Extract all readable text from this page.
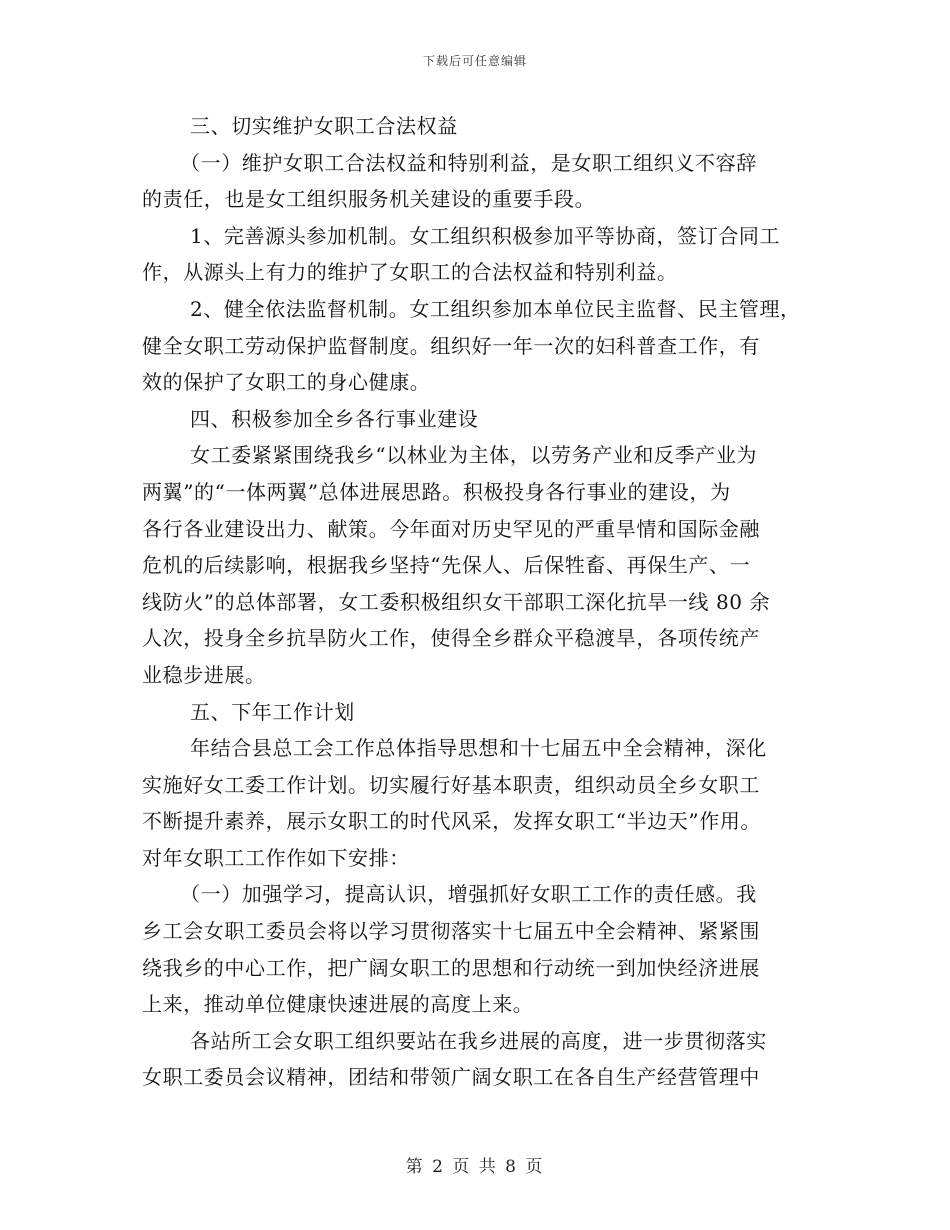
下载后可任意编辑
三、切实维护女职工合法权益
（一）维护女职工合法权益和特别利益，是女职工组织义不容辞
的责任，也是女工组织服务机关建设的重要手段。
1、完善源头参加机制。女工组织积极参加平等协商，签订合同工
作，从源头上有力的维护了女职工的合法权益和特别利益。
2、健全依法监督机制。女工组织参加本单位民主监督、民主管理，
健全女职工劳动保护监督制度。组织好一年一次的妇科普查工作，有
效的保护了女职工的身心健康。
四、积极参加全乡各行事业建设
女工委紧紧围绕我乡“以林业为主体，以劳务产业和反季产业为
两翼”的“一体两翼”总体进展思路。积极投身各行事业的建设，为
各行各业建设出力、献策。今年面对历史罕见的严重旱情和国际金融
危机的后续影响，根据我乡坚持“先保人、后保牲畜、再保生产、一
线防火”的总体部署，女工委积极组织女干部职工深化抗旱一线 80 余
人次，投身全乡抗旱防火工作，使得全乡群众平稳渡旱，各项传统产
业稳步进展。
五、下年工作计划
年结合县总工会工作总体指导思想和十七届五中全会精神，深化
实施好女工委工作计划。切实履行好基本职责，组织动员全乡女职工
不断提升素养，展示女职工的时代风采，发挥女职工“半边天”作用。
对年女职工工作作如下安排：
（一）加强学习，提高认识，增强抓好女职工工作的责任感。我
乡工会女职工委员会将以学习贯彻落实十七届五中全会精神、紧紧围
绕我乡的中心工作，把广阔女职工的思想和行动统一到加快经济进展
上来，推动单位健康快速进展的高度上来。
各站所工会女职工组织要站在我乡进展的高度，进一步贯彻落实
女职工委员会议精神，团结和带领广阔女职工在各自生产经营管理中
第 2 页 共 8 页
